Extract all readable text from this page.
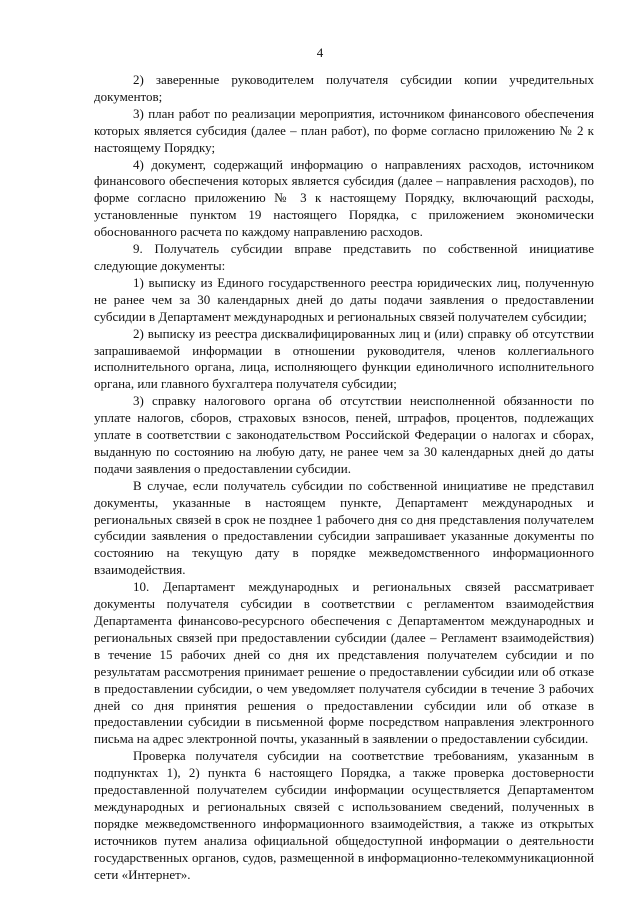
4

2) заверенные руководителем получателя субсидии копии учредительных документов;

3) план работ по реализации мероприятия, источником финансового обеспечения которых является субсидия (далее – план работ), по форме согласно приложению № 2 к настоящему Порядку;

4) документ, содержащий информацию о направлениях расходов, источником финансового обеспечения которых является субсидия (далее – направления расходов), по форме согласно приложению № 3 к настоящему Порядку, включающий расходы, установленные пунктом 19 настоящего Порядка, с приложением экономически обоснованного расчета по каждому направлению расходов.

9. Получатель субсидии вправе представить по собственной инициативе следующие документы:

1) выписку из Единого государственного реестра юридических лиц, полученную не ранее чем за 30 календарных дней до даты подачи заявления о предоставлении субсидии в Департамент международных и региональных связей получателем субсидии;

2) выписку из реестра дисквалифицированных лиц и (или) справку об отсутствии запрашиваемой информации в отношении руководителя, членов коллегиального исполнительного органа, лица, исполняющего функции единоличного исполнительного органа, или главного бухгалтера получателя субсидии;

3) справку налогового органа об отсутствии неисполненной обязанности по уплате налогов, сборов, страховых взносов, пеней, штрафов, процентов, подлежащих уплате в соответствии с законодательством Российской Федерации о налогах и сборах, выданную по состоянию на любую дату, не ранее чем за 30 календарных дней до даты подачи заявления о предоставлении субсидии.

В случае, если получатель субсидии по собственной инициативе не представил документы, указанные в настоящем пункте, Департамент международных и региональных связей в срок не позднее 1 рабочего дня со дня представления получателем субсидии заявления о предоставлении субсидии запрашивает указанные документы по состоянию на текущую дату в порядке межведомственного информационного взаимодействия.

10. Департамент международных и региональных связей рассматривает документы получателя субсидии в соответствии с регламентом взаимодействия Департамента финансово-ресурсного обеспечения с Департаментом международных и региональных связей при предоставлении субсидии (далее – Регламент взаимодействия) в течение 15 рабочих дней со дня их представления получателем субсидии и по результатам рассмотрения принимает решение о предоставлении субсидии или об отказе в предоставлении субсидии, о чем уведомляет получателя субсидии в течение 3 рабочих дней со дня принятия решения о предоставлении субсидии или об отказе в предоставлении субсидии в письменной форме посредством направления электронного письма на адрес электронной почты, указанный в заявлении о предоставлении субсидии.

Проверка получателя субсидии на соответствие требованиям, указанным в подпунктах 1), 2) пункта 6 настоящего Порядка, а также проверка достоверности предоставленной получателем субсидии информации осуществляется Департаментом международных и региональных связей с использованием сведений, полученных в порядке межведомственного информационного взаимодействия, а также из открытых источников путем анализа официальной общедоступной информации о деятельности государственных органов, судов, размещенной в информационно-телекоммуникационной сети «Интернет».
